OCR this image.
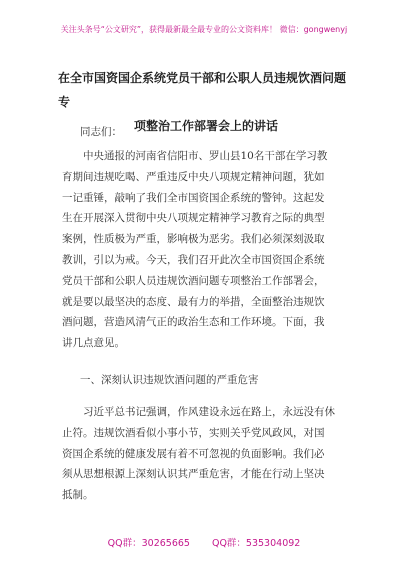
关注头条号“公文研究”，获得最新最全最专业的公文资料库！ 微信：gongwenyj
在全市国资国企系统党员干部和公职人员违规饮酒问题专
项整治工作部署会上的讲话
同志们：

　　中央通报的河南省信阳市、罗山县10名干部在学习教
育期间违规吃喝、严重违反中央八项规定精神问题，犹如
一记重锤，敲响了我们全市国资国企系统的警钟。这起发
生在开展深入贯彻中央八项规定精神学习教育之际的典型
案例，性质极为严重，影响极为恶劣。我们必须深刻汲取
教训，引以为戒。今天，我们召开此次全市国资国企系统
党员干部和公职人员违规饮酒问题专项整治工作部署会，
就是要以最坚决的态度、最有力的举措，全面整治违规饮
酒问题，营造风清气正的政治生态和工作环境。下面，我
讲几点意见。

一、深刻认识违规饮酒问题的严重危害

　　习近平总书记强调，作风建设永远在路上，永远没有休
止符。违规饮酒看似小事小节，实则关乎党风政风，对国
资国企系统的健康发展有着不可忽视的负面影响。我们必
须从思想根源上深刻认识其严重危害，才能在行动上坚决
抵制。

QQ群：30265665 QQ群：535304092
